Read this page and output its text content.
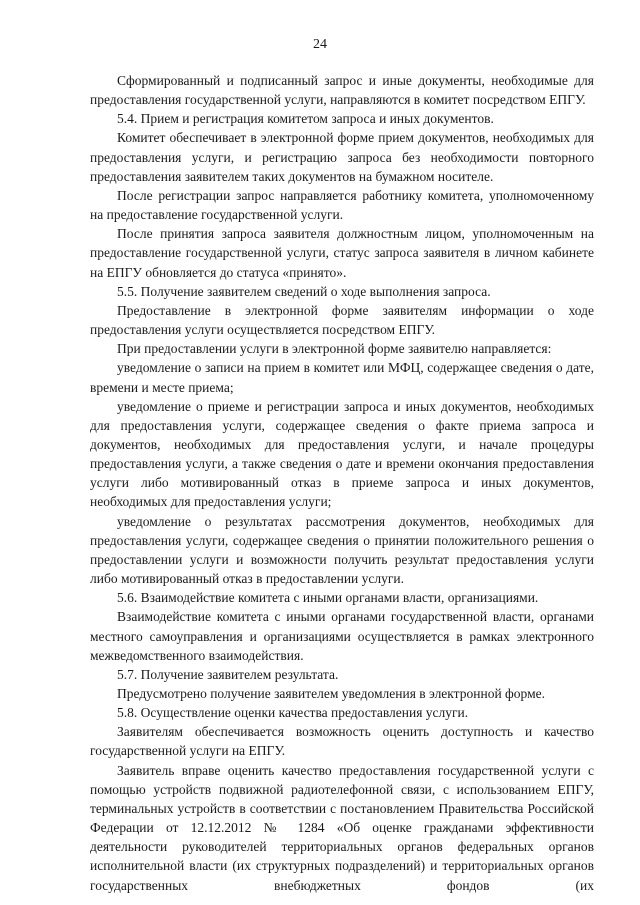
24

Сформированный и подписанный запрос и иные документы, необходимые для предоставления государственной услуги, направляются в комитет посредством ЕПГУ.

5.4. Прием и регистрация комитетом запроса и иных документов.

Комитет обеспечивает в электронной форме прием документов, необходимых для предоставления услуги, и регистрацию запроса без необходимости повторного предоставления заявителем таких документов на бумажном носителе.

После регистрации запрос направляется работнику комитета, уполномоченному на предоставление государственной услуги.

После принятия запроса заявителя должностным лицом, уполномоченным на предоставление государственной услуги, статус запроса заявителя в личном кабинете на ЕПГУ обновляется до статуса «принято».

5.5. Получение заявителем сведений о ходе выполнения запроса.

Предоставление в электронной форме заявителям информации о ходе предоставления услуги осуществляется посредством ЕПГУ.

При предоставлении услуги в электронной форме заявителю направляется:

уведомление о записи на прием в комитет или МФЦ, содержащее сведения о дате, времени и месте приема;

уведомление о приеме и регистрации запроса и иных документов, необходимых для предоставления услуги, содержащее сведения о факте приема запроса и документов, необходимых для предоставления услуги, и начале процедуры предоставления услуги, а также сведения о дате и времени окончания предоставления услуги либо мотивированный отказ в приеме запроса и иных документов, необходимых для предоставления услуги;

уведомление о результатах рассмотрения документов, необходимых для предоставления услуги, содержащее сведения о принятии положительного решения о предоставлении услуги и возможности получить результат предоставления услуги либо мотивированный отказ в предоставлении услуги.

5.6. Взаимодействие комитета с иными органами власти, организациями.

Взаимодействие комитета с иными органами государственной власти, органами местного самоуправления и организациями осуществляется в рамках электронного межведомственного взаимодействия.

5.7. Получение заявителем результата.

Предусмотрено получение заявителем уведомления в электронной форме.

5.8. Осуществление оценки качества предоставления услуги.

Заявителям обеспечивается возможность оценить доступность и качество государственной услуги на ЕПГУ.

Заявитель вправе оценить качество предоставления государственной услуги с помощью устройств подвижной радиотелефонной связи, с использованием ЕПГУ, терминальных устройств в соответствии с постановлением Правительства Российской Федерации от 12.12.2012 № 1284 «Об оценке гражданами эффективности деятельности руководителей территориальных органов федеральных органов исполнительной власти (их структурных подразделений) и территориальных органов государственных внебюджетных фондов (их
